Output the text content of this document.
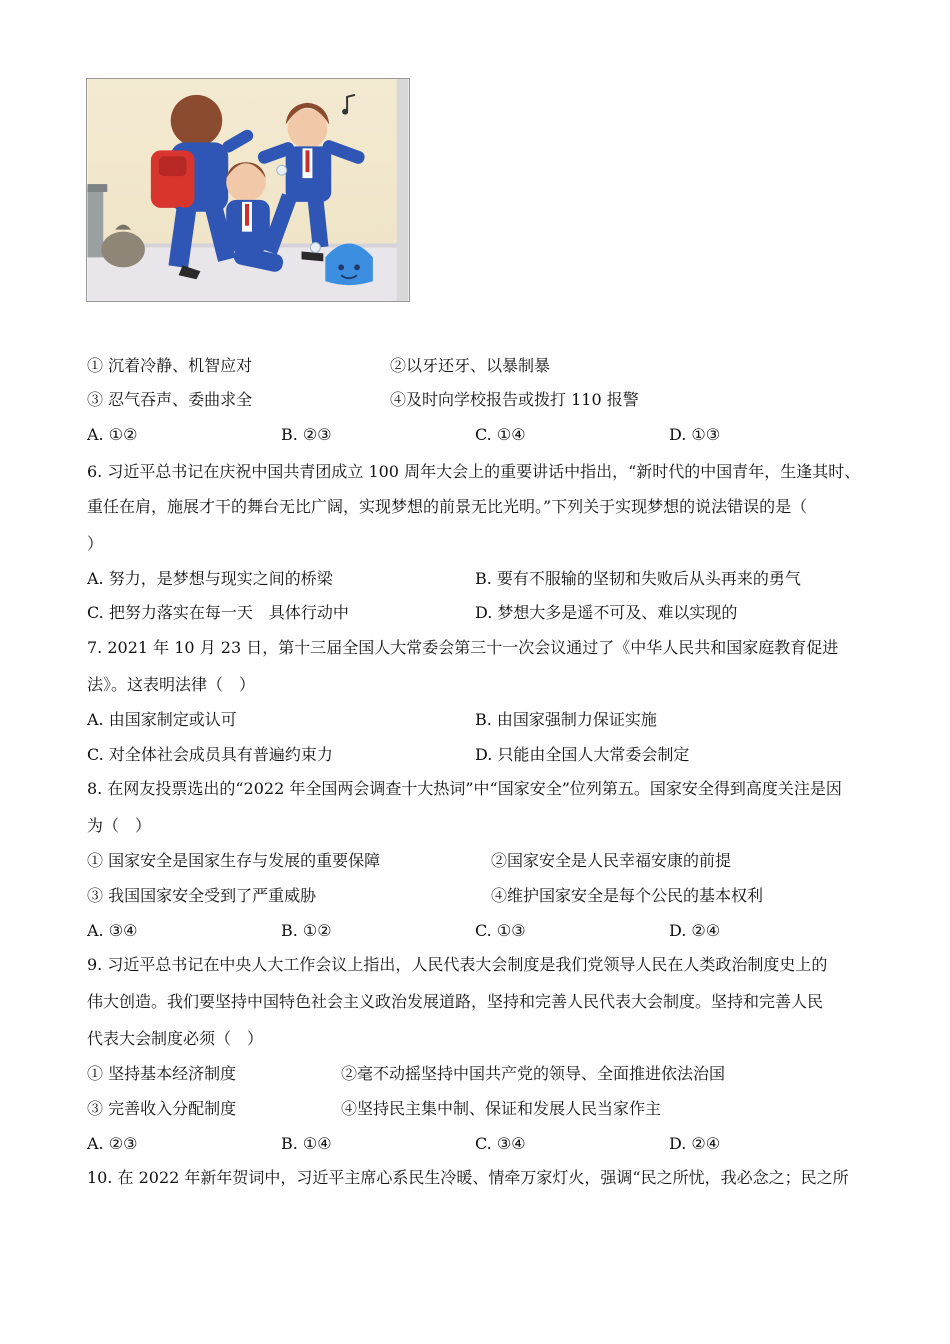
① 沉着冷静、机智应对	②以牙还牙、以暴制暴
③ 忍气吞声、委曲求全	④及时向学校报告或拨打 110 报警
A. ①②	B. ②③	C. ①④	D. ①③
6. 习近平总书记在庆祝中国共青团成立 100 周年大会上的重要讲话中指出，“新时代的中国青年，生逢其时、
重任在肩，施展才干的舞台无比广阔，实现梦想的前景无比光明。”下列关于实现梦想的说法错误的是（
）
A. 努力，是梦想与现实之间的桥梁	B. 要有不服输的坚韧和失败后从头再来的勇气
C. 把努力落实在每一天　具体行动中	D. 梦想大多是遥不可及、难以实现的
7. 2021 年 10 月 23 日，第十三届全国人大常委会第三十一次会议通过了《中华人民共和国家庭教育促进
法》。这表明法律（　）
A. 由国家制定或认可	B. 由国家强制力保证实施
C. 对全体社会成员具有普遍约束力	D. 只能由全国人大常委会制定
8. 在网友投票选出的“2022 年全国两会调查十大热词”中“国家安全”位列第五。国家安全得到高度关注是因
为（　）
① 国家安全是国家生存与发展的重要保障	②国家安全是人民幸福安康的前提
③ 我国国家安全受到了严重威胁	④维护国家安全是每个公民的基本权利
A. ③④	B. ①②	C. ①③	D. ②④
9. 习近平总书记在中央人大工作会议上指出，人民代表大会制度是我们党领导人民在人类政治制度史上的
伟大创造。我们要坚持中国特色社会主义政治发展道路，坚持和完善人民代表大会制度。坚持和完善人民
代表大会制度必须（　）
① 坚持基本经济制度	②毫不动摇坚持中国共产党的领导、全面推进依法治国
③ 完善收入分配制度	④坚持民主集中制、保证和发展人民当家作主
A. ②③	B. ①④	C. ③④	D. ②④
10. 在 2022 年新年贺词中，习近平主席心系民生冷暖、情牵万家灯火，强调“民之所忧，我必念之；民之所
